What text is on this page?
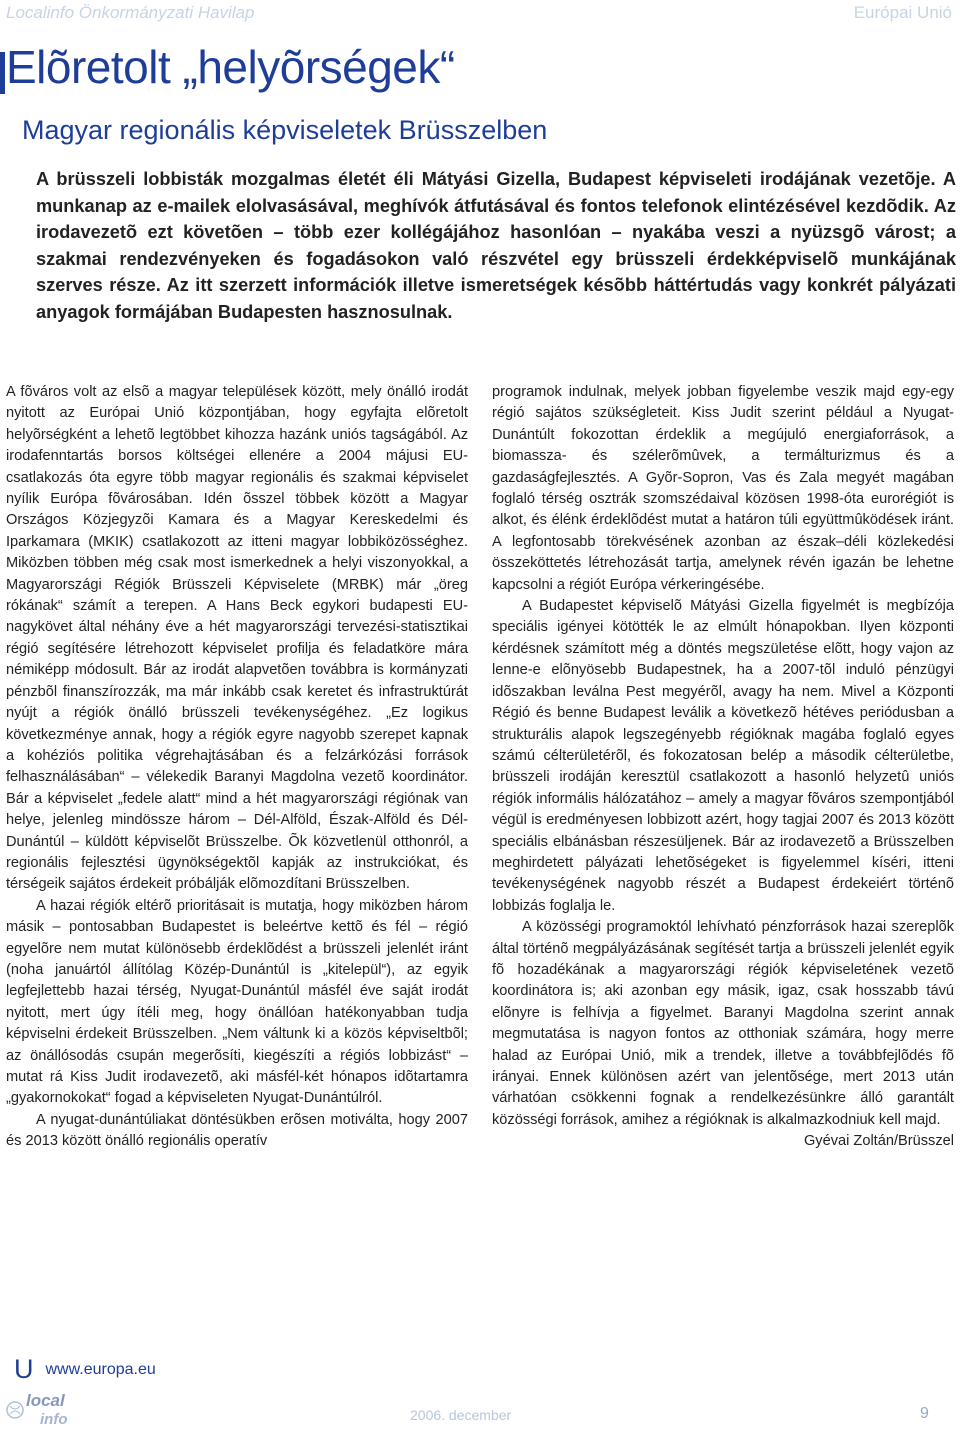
Localinfo Önkormányzati Havilap	Európai Unió
Elõretolt „helyõrségek“
Magyar regionális képviseletek Brüsszelben

A brüsszeli lobbisták mozgalmas életét éli Mátyási Gizella, Budapest képviseleti irodájának vezetõje. A munkanap az e-mailek elolvasásával, meghívók átfutásával és fontos telefonok elintézésével kezdõdik. Az irodavezetõ ezt követõen – több ezer kollégájához hasonlóan – nyakába veszi a nyüzsgõ várost; a szakmai rendezvényeken és fogadásokon való részvétel egy brüsszeli érdekképviselõ munkájának szerves része. Az itt szerzett információk illetve ismeretségek késõbb háttértudás vagy konkrét pályázati anyagok formájában Budapesten hasznosulnak.

A fõváros volt az elsõ a magyar települések között, mely önálló irodát nyitott az Európai Unió központjában, hogy egyfajta elõretolt helyõrségként a lehetõ legtöbbet kihozza hazánk uniós tagságából. Az irodafenntartás borsos költségei ellenére a 2004 májusi EU-csatlakozás óta egyre több magyar regionális és szakmai képviselet nyílik Európa fõvárosában. Idén õsszel többek között a Magyar Országos Közjegyzõi Kamara és a Magyar Kereskedelmi és Iparkamara (MKIK) csatlakozott az itteni magyar lobbiközösséghez. Miközben többen még csak most ismerkednek a helyi viszonyokkal, a Magyarországi Régiók Brüsszeli Képviselete (MRBK) már „öreg rókának“ számít a terepen. A Hans Beck egykori budapesti EU-nagykövet által néhány éve a hét magyarországi tervezési-statisztikai régió segítésére létrehozott képviselet profilja és feladatköre mára némiképp módosult. Bár az irodát alapvetõen továbbra is kormányzati pénzbõl finanszírozzák, ma már inkább csak keretet és infrastruktúrát nyújt a régiók önálló brüsszeli tevékenységéhez. „Ez logikus következménye annak, hogy a régiók egyre nagyobb szerepet kapnak a kohéziós politika végrehajtásában és a felzárkózási források felhasználásában“ – vélekedik Baranyi Magdolna vezetõ koordinátor. Bár a képviselet „fedele alatt“ mind a hét magyarországi régiónak van helye, jelenleg mindössze három – Dél-Alföld, Észak-Alföld és Dél-Dunántúl – küldött képviselõt Brüsszelbe. Õk közvetlenül otthonról, a regionális fejlesztési ügynökségektõl kapják az instrukciókat, és térségeik sajátos érdekeit próbálják elõmozdítani Brüsszelben.

A hazai régiók eltérõ prioritásait is mutatja, hogy miközben három másik – pontosabban Budapestet is beleértve kettõ és fél – régió egyelõre nem mutat különösebb érdeklõdést a brüsszeli jelenlét iránt (noha januártól állítólag Közép-Dunántúl is „kitelepül“), az egyik legfejlettebb hazai térség, Nyugat-Dunántúl másfél éve saját irodát nyitott, mert úgy ítéli meg, hogy önállóan hatékonyabban tudja képviselni érdekeit Brüsszelben. „Nem váltunk ki a közös képviseltbõl; az önállósodás csupán megerõsíti, kiegészíti a régiós lobbizást“ – mutat rá Kiss Judit irodavezetõ, aki másfél-két hónapos idõtartamra „gyakornokokat“ fogad a képviseleten Nyugat-Dunántúlról.

A nyugat-dunántúliakat döntésükben erõsen motiválta, hogy 2007 és 2013 között önálló regionális operatív

programok indulnak, melyek jobban figyelembe veszik majd egy-egy régió sajátos szükségleteit. Kiss Judit szerint például a Nyugat-Dunántúlt fokozottan érdeklik a megújuló energiaforrások, a biomassza- és szélerõmûvek, a termálturizmus és a gazdaságfejlesztés. A Gyõr-Sopron, Vas és Zala megyét magában foglaló térség osztrák szomszédaival közösen 1998-óta eurorégiót is alkot, és élénk érdeklõdést mutat a határon túli együttmûködések iránt. A legfontosabb törekvésének azonban az észak–déli közlekedési összeköttetés létrehozását tartja, amelynek révén igazán be lehetne kapcsolni a régiót Európa vérkeringésébe.

A Budapestet képviselõ Mátyási Gizella figyelmét is megbízója speciális igényei kötötték le az elmúlt hónapokban. Ilyen központi kérdésnek számított még a döntés megszületése elõtt, hogy vajon az lenne-e elõnyösebb Budapestnek, ha a 2007-tõl induló pénzügyi idõszakban leválna Pest megyérõl, avagy ha nem. Mivel a Központi Régió és benne Budapest leválik a következõ hétéves periódusban a strukturális alapok legszegényebb régióknak magába foglaló egyes számú célterületérõl, és fokozatosan belép a második célterületbe, brüsszeli irodáján keresztül csatlakozott a hasonló helyzetû uniós régiók informális hálózatához – amely a magyar fõváros szempontjából végül is eredményesen lobbizott azért, hogy tagjai 2007 és 2013 között speciális elbánásban részesüljenek. Bár az irodavezetõ a Brüsszelben meghirdetett pályázati lehetõségeket is figyelemmel kíséri, itteni tevékenységének nagyobb részét a Budapest érdekeiért történõ lobbizás foglalja le.

A közösségi programoktól lehívható pénzforrások hazai szereplõk által történõ megpályázásának segítését tartja a brüsszeli jelenlét egyik fõ hozadékának a magyarországi régiók képviseletének vezetõ koordinátora is; aki azonban egy másik, igaz, csak hosszabb távú elõnyre is felhívja a figyelmet. Baranyi Magdolna szerint annak megmutatása is nagyon fontos az otthoniak számára, hogy merre halad az Európai Unió, mik a trendek, illetve a továbbfejlõdés fõ irányai. Ennek különösen azért van jelentõsége, mert 2013 után várhatóan csökkenni fognak a rendelkezésünkre álló garantált közösségi források, amihez a régióknak is alkalmazkodniuk kell majd.

Gyévai Zoltán/Brüsszel

U www.europa.eu
local
info	2006. december	9
